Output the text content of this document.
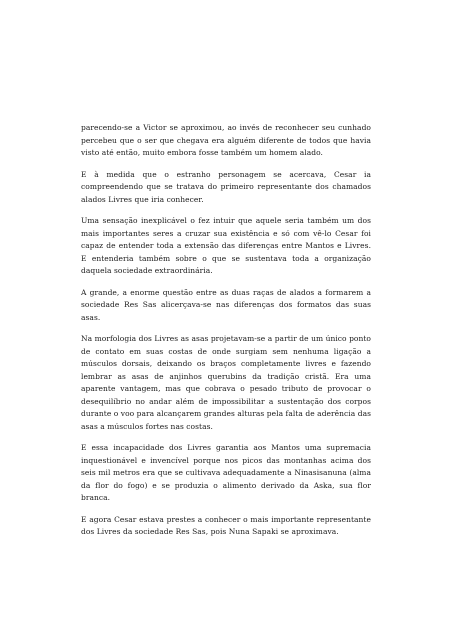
parecendo-se a Victor se aproximou, ao invés de reconhecer seu cunhado percebeu que o ser que chegava era alguém diferente de todos que havia visto até então, muito embora fosse também um homem alado.

E à medida que o estranho personagem se acercava, Cesar ia compreendendo que se tratava do primeiro representante dos chamados alados Livres que iria conhecer.

Uma sensação inexplicável o fez intuir que aquele seria também um dos mais importantes seres a cruzar sua existência e só com vê-lo Cesar foi capaz de entender toda a extensão das diferenças entre Mantos e Livres. E entenderia também sobre o que se sustentava toda a organização daquela sociedade extraordinária.

A grande, a enorme questão entre as duas raças de alados a formarem a sociedade Res Sas alicerçava-se nas diferenças dos formatos das suas asas.

Na morfologia dos Livres as asas projetavam-se a partir de um único ponto de contato em suas costas de onde surgiam sem nenhuma ligação a músculos dorsais, deixando os braços completamente livres e fazendo lembrar as asas de anjinhos querubins da tradição cristã. Era uma aparente vantagem, mas que cobrava o pesado tributo de provocar o desequilíbrio no andar além de impossibilitar a sustentação dos corpos durante o voo para alcançarem grandes alturas pela falta de aderência das asas a músculos fortes nas costas.

E essa incapacidade dos Livres garantia aos Mantos uma supremacia inquestionável e invencível porque nos picos das montanhas acima dos seis mil metros era que se cultivava adequadamente a Ninasisanuna (alma da flor do fogo) e se produzia o alimento derivado da Aska, sua flor branca.

E agora Cesar estava prestes a conhecer o mais importante representante dos Livres da sociedade Res Sas, pois Nuna Sapaki se aproximava.
